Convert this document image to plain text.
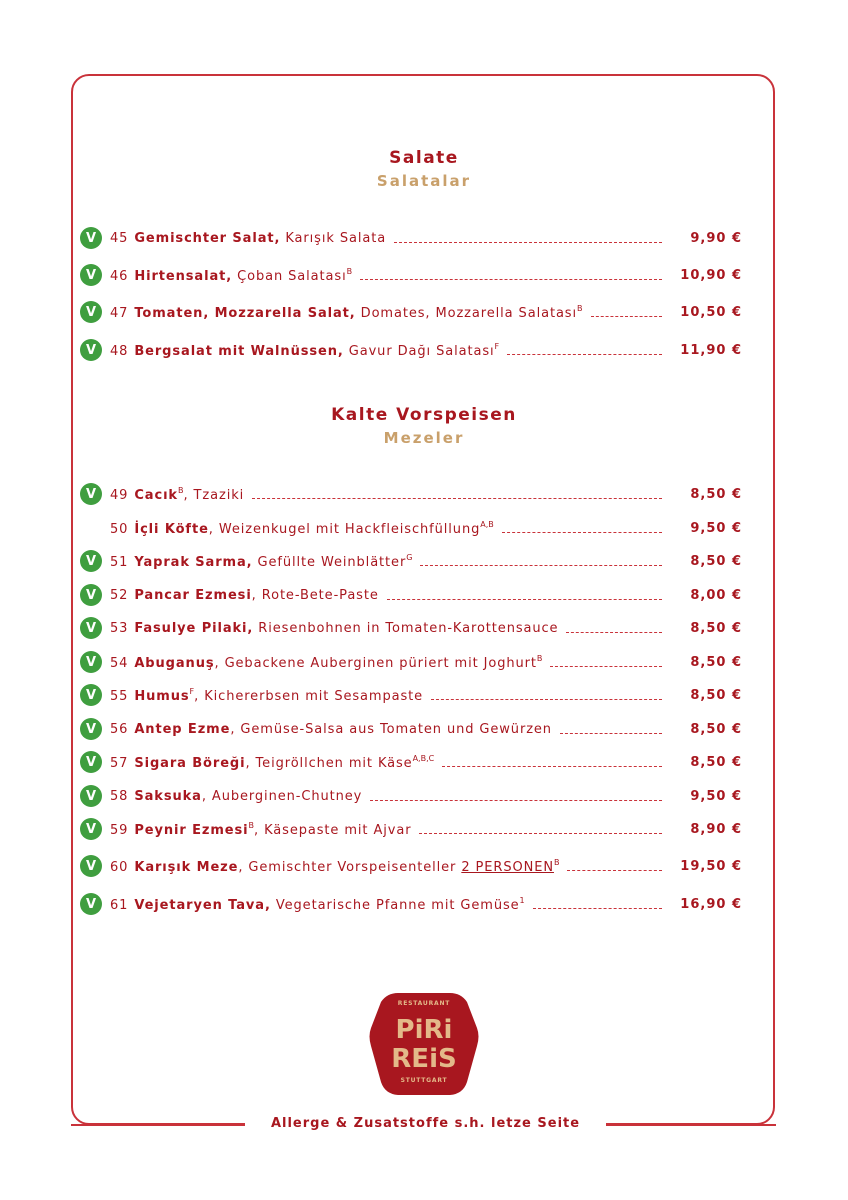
Salate
Salatalar
Kalte Vorspeisen
Mezeler
V	45 Gemischter Salat, Karışık Salata	9,90 €
V	46 Hirtensalat, Çoban Salatası$^B$	10,90 €
V	47 Tomaten, Mozzarella Salat, Domates, Mozzarella Salatası$^B$	10,50 €
V	48 Bergsalat mit Walnüssen, Gavur Dağı Salatası$^F$	11,90 €
V	49 Cacık$^B$, Tzaziki	8,50 €
50 İçli Köfte, Weizenkugel mit Hackfleischfüllung$^{A,B}$	9,50 €
V	51 Yaprak Sarma, Gefüllte Weinblätter$^G$	8,50 €
V	52 Pancar Ezmesi, Rote-Bete-Paste	8,00 €
V	53 Fasulye Pilaki, Riesenbohnen in Tomaten-Karottensauce	8,50 €
V	54 Abuganuş, Gebackene Auberginen püriert mit Joghurt$^B$	8,50 €
V	55 Humus$^F$, Kichererbsen mit Sesampaste	8,50 €
V	56 Antep Ezme, Gemüse-Salsa aus Tomaten und Gewürzen	8,50 €
V	57 Sigara Böreği, Teigröllchen mit Käse$^{A,B,C}$	8,50 €
V	58 Saksuka, Auberginen-Chutney	9,50 €
V	59 Peynir Ezmesi$^B$, Käsepaste mit Ajvar	8,90 €
V	60 Karışık Meze, Gemischter Vorspeisenteller 2 $PERSONEN^B$	19,50 €
V	61 Vejetaryen Tava, Vegetarische Pfanne mit Gemüse$^1$	16,90 €
RESTAURANT
PiRi
REiS
STUTTGART
Allerge & Zusatstoffe s.h. letze Seite
